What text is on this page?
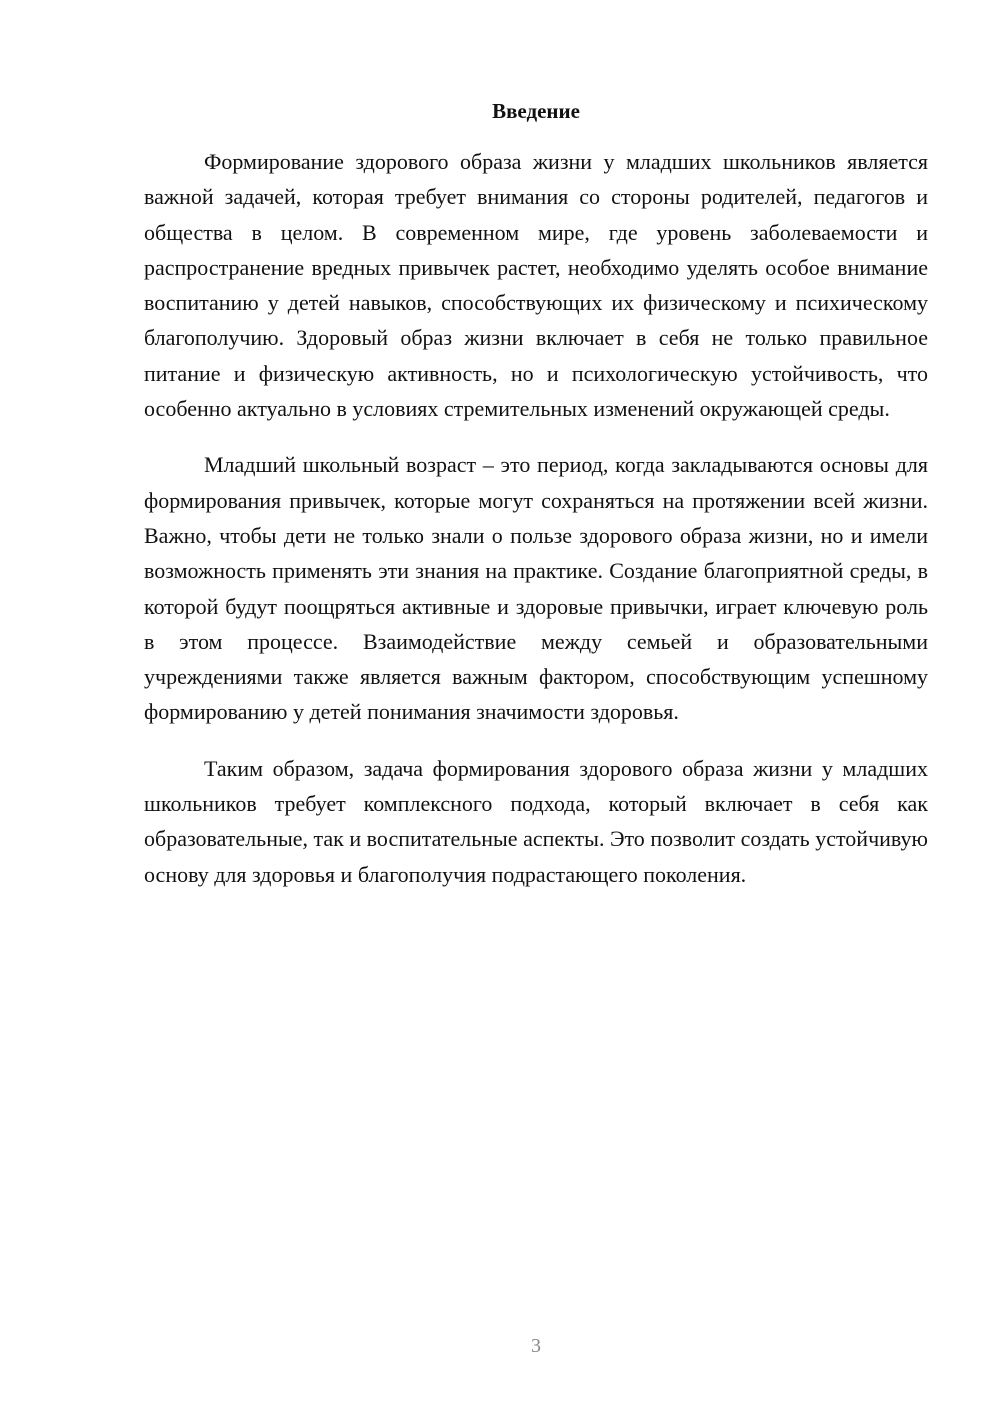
Введение

Формирование здорового образа жизни у младших школьников является важной задачей, которая требует внимания со стороны родителей, педагогов и общества в целом. В современном мире, где уровень заболеваемости и распространение вредных привычек растет, необходимо уделять особое внимание воспитанию у детей навыков, способствующих их физическому и психическому благополучию. Здоровый образ жизни включает в себя не только правильное питание и физическую активность, но и психологическую устойчивость, что особенно актуально в условиях стремительных изменений окружающей среды.

Младший школьный возраст – это период, когда закладываются основы для формирования привычек, которые могут сохраняться на протяжении всей жизни. Важно, чтобы дети не только знали о пользе здорового образа жизни, но и имели возможность применять эти знания на практике. Создание благоприятной среды, в которой будут поощряться активные и здоровые привычки, играет ключевую роль в этом процессе. Взаимодействие между семьей и образовательными учреждениями также является важным фактором, способствующим успешному формированию у детей понимания значимости здоровья.

Таким образом, задача формирования здорового образа жизни у младших школьников требует комплексного подхода, который включает в себя как образовательные, так и воспитательные аспекты. Это позволит создать устойчивую основу для здоровья и благополучия подрастающего поколения.

3
